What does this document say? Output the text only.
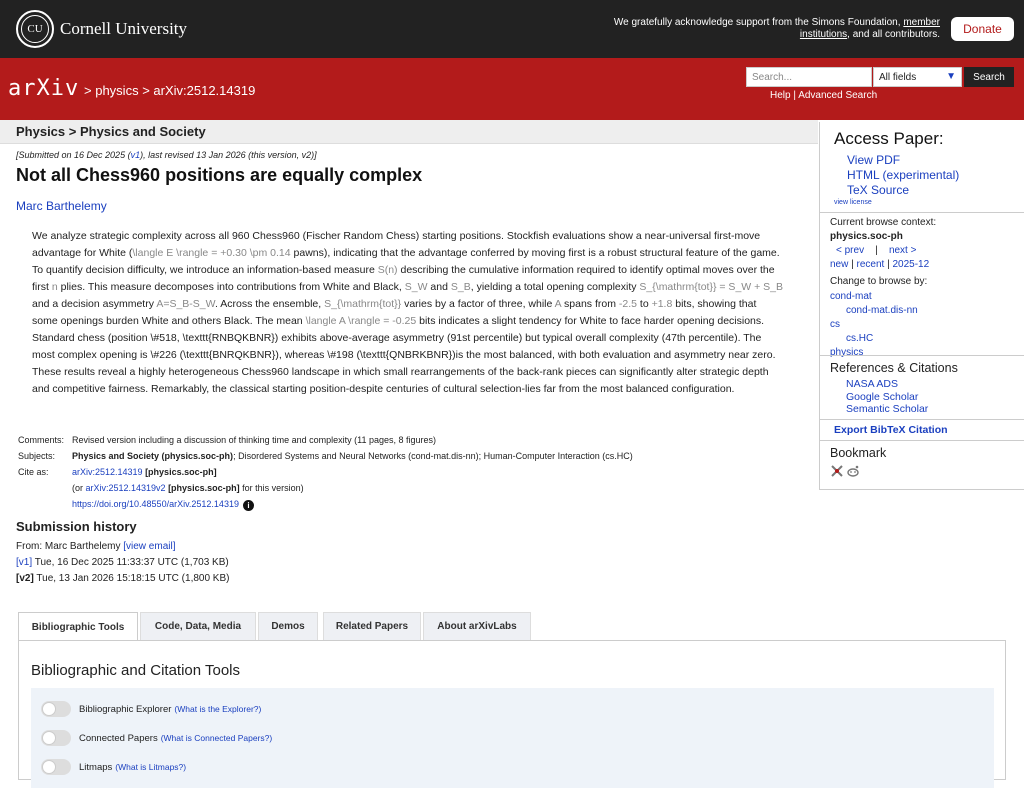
CU	Cornell University	We gratefully acknowledge support from the Simons Foundation, member institutions, and all contributors.	Donate
arXiv > physics > arXiv:2512.14319
Search...	All fields	▼	Search
Help | Advanced Search
Physics > Physics and Society
[Submitted on 16 Dec 2025 (v1), last revised 13 Jan 2026 (this version, v2)]
Not all Chess960 positions are equally complex
Marc Barthelemy

We analyze strategic complexity across all 960 Chess960 (Fischer Random Chess) starting positions. Stockfish evaluations show a near-universal first-move advantage for White (\langle E \rangle = +0.30 \pm 0.14 pawns), indicating that the advantage conferred by moving first is a robust structural feature of the game. To quantify decision difficulty, we introduce an information-based measure S(n) describing the cumulative information required to identify optimal moves over the first n plies. This measure decomposes into contributions from White and Black, S_W and S_B, yielding a total opening complexity S_{\mathrm{tot}} = S_W + S_B and a decision asymmetry A=S_B-S_W. Across the ensemble, S_{\mathrm{tot}} varies by a factor of three, while A spans from -2.5 to +1.8 bits, showing that some openings burden White and others Black. The mean \langle A \rangle = -0.25 bits indicates a slight tendency for White to face harder opening decisions. Standard chess (position \#518, \texttt{RNBQKBNR}) exhibits above-average asymmetry (91st percentile) but typical overall complexity (47th percentile). The most complex opening is \#226 (\texttt{BNRQKBNR}), whereas \#198 (\texttt{QNBRKBNR})is the most balanced, with both evaluation and asymmetry near zero. These results reveal a highly heterogeneous Chess960 landscape in which small rearrangements of the back-rank pieces can significantly alter strategic depth and competitive fairness. Remarkably, the classical starting position-despite centuries of cultural selection-lies far from the most balanced configuration.

Comments: Revised version including a discussion of thinking time and complexity (11 pages, 8 figures)
Subjects:	Physics and Society (physics.soc-ph); Disordered Systems and Neural Networks (cond-mat.dis-nn); Human-Computer Interaction (cs.HC)
Cite as:	arXiv:2512.14319 [physics.soc-ph]
(or arXiv:2512.14319v2 [physics.soc-ph] for this version)
https://doi.org/10.48550/arXiv.2512.14319 i
Submission history
From: Marc Barthelemy [view email]
[v1] Tue, 16 Dec 2025 11:33:37 UTC (1,703 KB)
[v2] Tue, 13 Jan 2026 15:18:15 UTC (1,800 KB)
Bibliographic Tools	Code, Data, Media	Demos	Related Papers	About arXivLabs
Bibliographic and Citation Tools
Bibliographic Explorer (What is the Explorer?)
Connected Papers (What is Connected Papers?)
Litmaps (What is Litmaps?)
Access Paper:
View PDF
HTML (experimental)
TeX Source
view license
Current browse context:
physics.soc-ph
< prev | next >
new | recent | 2025-12
Change to browse by:
cond-mat
cond-mat.dis-nn
cs
cs.HC
physics
References & Citations
NASA ADS
Google Scholar
Semantic Scholar
Export BibTeX Citation
Bookmark
